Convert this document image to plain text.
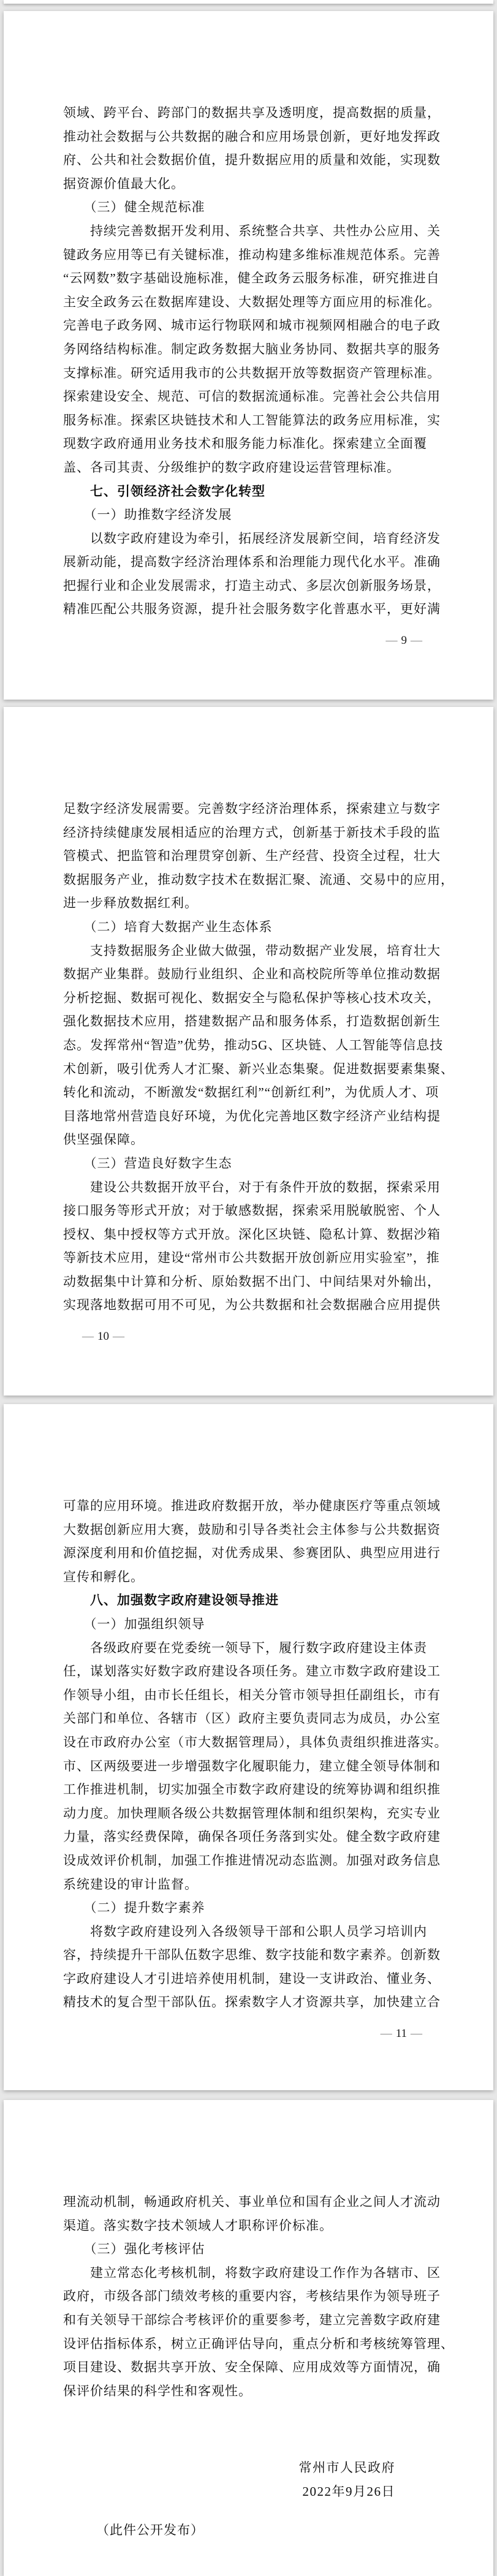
领域、跨平台、跨部门的数据共享及透明度，提高数据的质量，
推动社会数据与公共数据的融合和应用场景创新，更好地发挥政
府、公共和社会数据价值，提升数据应用的质量和效能，实现数
据资源价值最大化。
　　（三）健全规范标准
　　持续完善数据开发利用、系统整合共享、共性办公应用、关
键政务应用等已有关键标准，推动构建多维标准规范体系。完善
“云网数”数字基础设施标准，健全政务云服务标准，研究推进自
主安全政务云在数据库建设、大数据处理等方面应用的标准化。
完善电子政务网、城市运行物联网和城市视频网相融合的电子政
务网络结构标准。制定政务数据大脑业务协同、数据共享的服务
支撑标准。研究适用我市的公共数据开放等数据资产管理标准。
探索建设安全、规范、可信的数据流通标准。完善社会公共信用
服务标准。探索区块链技术和人工智能算法的政务应用标准，实
现数字政府通用业务技术和服务能力标准化。探索建立全面覆
盖、各司其责、分级维护的数字政府建设运营管理标准。
　　七、引领经济社会数字化转型
　　（一）助推数字经济发展
　　以数字政府建设为牵引，拓展经济发展新空间，培育经济发
展新动能，提高数字经济治理体系和治理能力现代化水平。准确
把握行业和企业发展需求，打造主动式、多层次创新服务场景，
精准匹配公共服务资源，提升社会服务数字化普惠水平，更好满
— 9 —
足数字经济发展需要。完善数字经济治理体系，探索建立与数字
经济持续健康发展相适应的治理方式，创新基于新技术手段的监
管模式、把监管和治理贯穿创新、生产经营、投资全过程，壮大
数据服务产业，推动数字技术在数据汇聚、流通、交易中的应用，
进一步释放数据红利。
　　（二）培育大数据产业生态体系
　　支持数据服务企业做大做强，带动数据产业发展，培育壮大
数据产业集群。鼓励行业组织、企业和高校院所等单位推动数据
分析挖掘、数据可视化、数据安全与隐私保护等核心技术攻关，
强化数据技术应用，搭建数据产品和服务体系，打造数据创新生
态。发挥常州“智造”优势，推动5G、区块链、人工智能等信息技
术创新，吸引优秀人才汇聚、新兴业态集聚。促进数据要素集聚、
转化和流动，不断激发“数据红利”“创新红利”，为优质人才、项
目落地常州营造良好环境，为优化完善地区数字经济产业结构提
供坚强保障。
　　（三）营造良好数字生态
　　建设公共数据开放平台，对于有条件开放的数据，探索采用
接口服务等形式开放；对于敏感数据，探索采用脱敏脱密、个人
授权、集中授权等方式开放。深化区块链、隐私计算、数据沙箱
等新技术应用，建设“常州市公共数据开放创新应用实验室”，推
动数据集中计算和分析、原始数据不出门、中间结果对外输出，
实现落地数据可用不可见，为公共数据和社会数据融合应用提供
— 10 —
可靠的应用环境。推进政府数据开放，举办健康医疗等重点领域
大数据创新应用大赛，鼓励和引导各类社会主体参与公共数据资
源深度利用和价值挖掘，对优秀成果、参赛团队、典型应用进行
宣传和孵化。
　　八、加强数字政府建设领导推进
　　（一）加强组织领导
　　各级政府要在党委统一领导下，履行数字政府建设主体责
任，谋划落实好数字政府建设各项任务。建立市数字政府建设工
作领导小组，由市长任组长，相关分管市领导担任副组长，市有
关部门和单位、各辖市（区）政府主要负责同志为成员，办公室
设在市政府办公室（市大数据管理局），具体负责组织推进落实。
市、区两级要进一步增强数字化履职能力，建立健全领导体制和
工作推进机制，切实加强全市数字政府建设的统筹协调和组织推
动力度。加快理顺各级公共数据管理体制和组织架构，充实专业
力量，落实经费保障，确保各项任务落到实处。健全数字政府建
设成效评价机制，加强工作推进情况动态监测。加强对政务信息
系统建设的审计监督。
　　（二）提升数字素养
　　将数字政府建设列入各级领导干部和公职人员学习培训内
容，持续提升干部队伍数字思维、数字技能和数字素养。创新数
字政府建设人才引进培养使用机制，建设一支讲政治、懂业务、
精技术的复合型干部队伍。探索数字人才资源共享，加快建立合
— 11 —
理流动机制，畅通政府机关、事业单位和国有企业之间人才流动
渠道。落实数字技术领域人才职称评价标准。
　　（三）强化考核评估
　　建立常态化考核机制，将数字政府建设工作作为各辖市、区
政府，市级各部门绩效考核的重要内容，考核结果作为领导班子
和有关领导干部综合考核评价的重要参考，建立完善数字政府建
设评估指标体系，树立正确评估导向，重点分析和考核统筹管理、
项目建设、数据共享开放、安全保障、应用成效等方面情况，确
保评价结果的科学性和客观性。
常州市人民政府
2022年9月26日
（此件公开发布）
